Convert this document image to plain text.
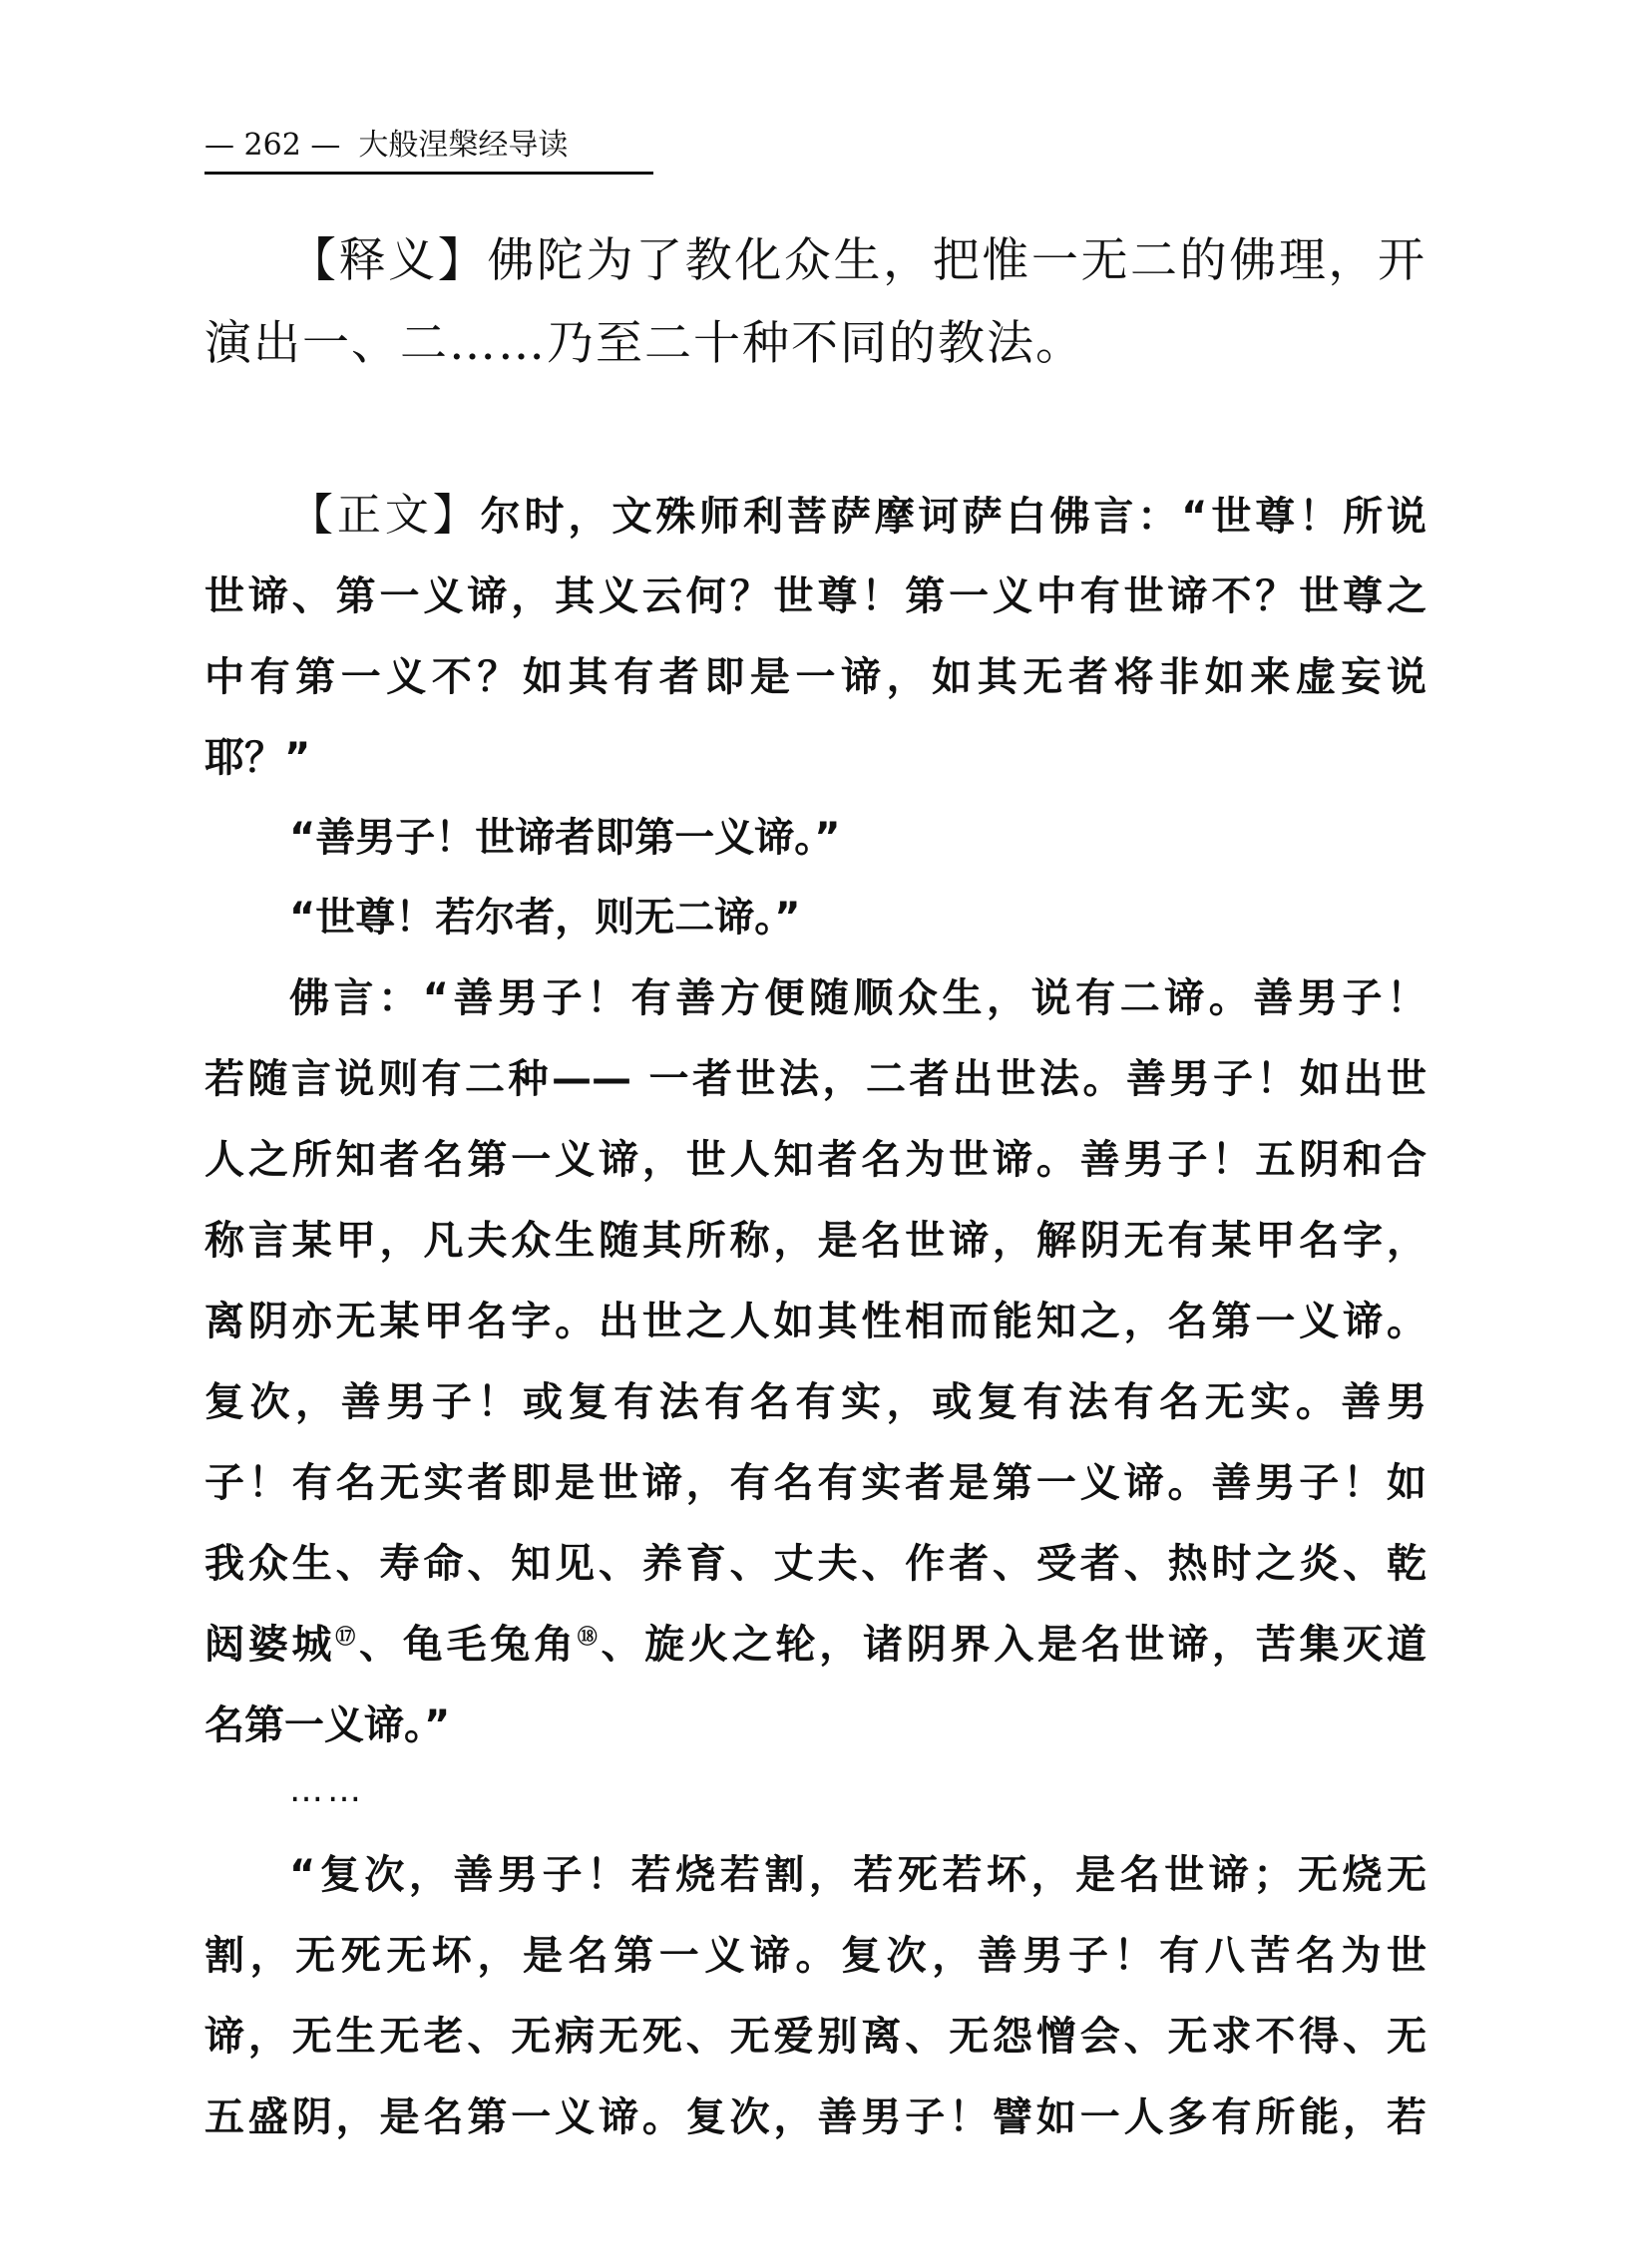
— 262 — 大般涅槃经导读
【释义】佛陀为了教化众生，把惟一无二的佛理，开
演出一、二……乃至二十种不同的教法。
【正文】尔时，文殊师利菩萨摩诃萨白佛言：“世尊！所说
世谛、第一义谛，其义云何？世尊！第一义中有世谛不？世尊之
中有第一义不？如其有者即是一谛，如其无者将非如来虚妄说
耶？”
“善男子！世谛者即第一义谛。”
“世尊！若尔者，则无二谛。”
佛言：“善男子！有善方便随顺众生，说有二谛。善男子！
若随言说则有二种—— 一者世法，二者出世法。善男子！如出世
人之所知者名第一义谛，世人知者名为世谛。善男子！五阴和合
称言某甲，凡夫众生随其所称，是名世谛，解阴无有某甲名字，
离阴亦无某甲名字。出世之人如其性相而能知之，名第一义谛。
复次，善男子！或复有法有名有实，或复有法有名无实。善男
子！有名无实者即是世谛，有名有实者是第一义谛。善男子！如
我众生、寿命、知见、养育、丈夫、作者、受者、热时之炎、乾
闼婆城⑰、龟毛兔角⑱、旋火之轮，诸阴界入是名世谛，苦集灭道
名第一义谛。”
……
“复次，善男子！若烧若割，若死若坏，是名世谛；无烧无
割，无死无坏，是名第一义谛。复次，善男子！有八苦名为世
谛，无生无老、无病无死、无爱别离、无怨憎会、无求不得、无
五盛阴，是名第一义谛。复次，善男子！譬如一人多有所能，若
